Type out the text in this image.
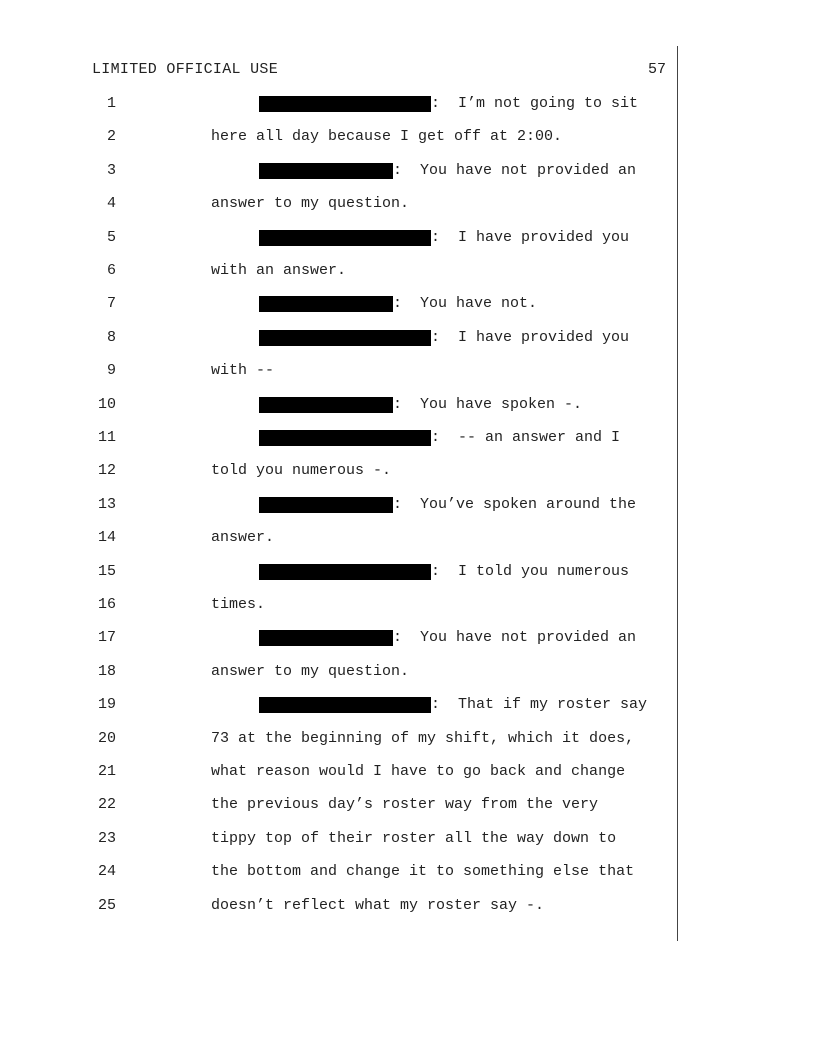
LIMITED OFFICIAL USE	57
1	:  I’m not going to sit
2	here all day because I get off at 2:00.
3	:  You have not provided an
4	answer to my question.
5	:  I have provided you
6	with an answer.
7	:  You have not.
8	:  I have provided you
9	with --
10	:  You have spoken -.
11	:  -- an answer and I
12	told you numerous -.
13	:  You’ve spoken around the
14	answer.
15	:  I told you numerous
16	times.
17	:  You have not provided an
18	answer to my question.
19	:  That if my roster say
20	73 at the beginning of my shift, which it does,
21	what reason would I have to go back and change
22	the previous day’s roster way from the very
23	tippy top of their roster all the way down to
24	the bottom and change it to something else that
25	doesn’t reflect what my roster say -.
